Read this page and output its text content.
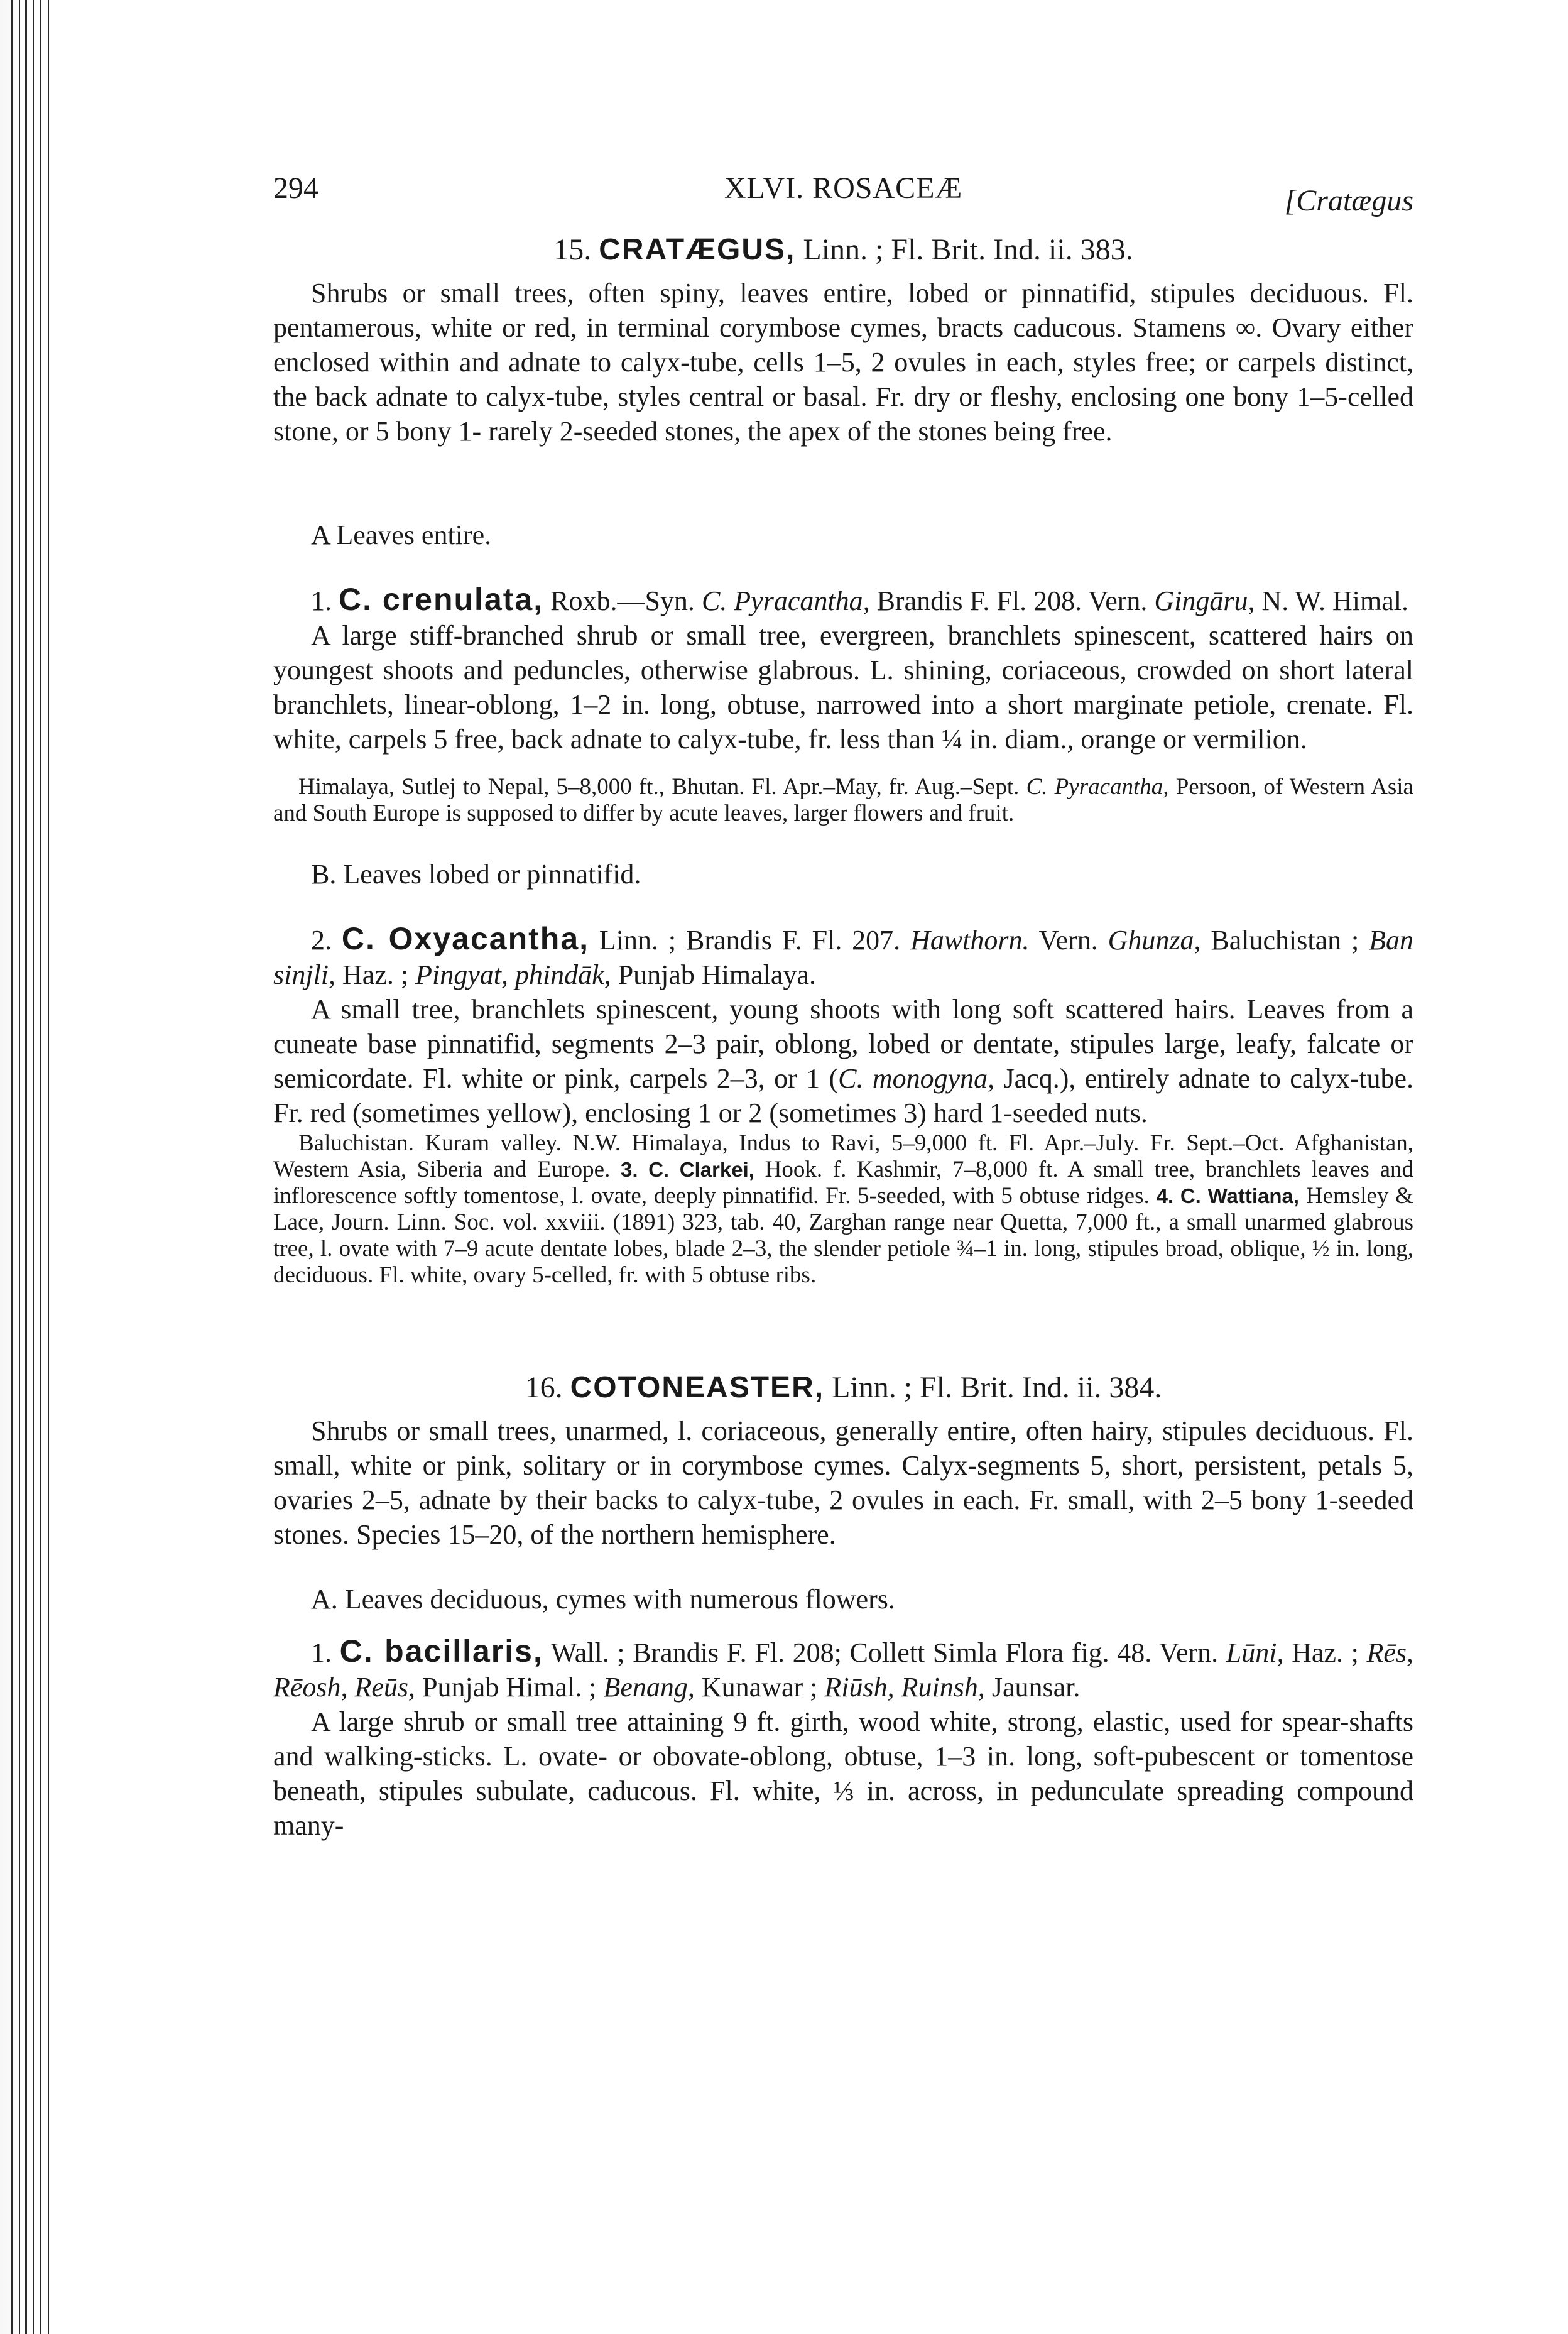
294	XLVI. ROSACEÆ	[Cratægus

15. CRATÆGUS, Linn. ; Fl. Brit. Ind. ii. 383.

Shrubs or small trees, often spiny, leaves entire, lobed or pinnatifid, stipules deciduous. Fl. pentamerous, white or red, in terminal corymbose cymes, bracts caducous. Stamens ∞. Ovary either enclosed within and adnate to calyx-tube, cells 1–5, 2 ovules in each, styles free; or carpels distinct, the back adnate to calyx-tube, styles central or basal. Fr. dry or fleshy, enclosing one bony 1–5-celled stone, or 5 bony 1- rarely 2-seeded stones, the apex of the stones being free.

A Leaves entire.

1. C. crenulata, Roxb.—Syn. C. Pyracantha, Brandis F. Fl. 208. Vern. Gingāru, N. W. Himal.

A large stiff-branched shrub or small tree, evergreen, branchlets spinescent, scattered hairs on youngest shoots and peduncles, otherwise glabrous. L. shining, coriaceous, crowded on short lateral branchlets, linear-oblong, 1–2 in. long, obtuse, narrowed into a short marginate petiole, crenate. Fl. white, carpels 5 free, back adnate to calyx-tube, fr. less than ¼ in. diam., orange or vermilion.

Himalaya, Sutlej to Nepal, 5–8,000 ft., Bhutan. Fl. Apr.–May, fr. Aug.–Sept. C. Pyracantha, Persoon, of Western Asia and South Europe is supposed to differ by acute leaves, larger flowers and fruit.

B. Leaves lobed or pinnatifid.

2. C. Oxyacantha, Linn. ; Brandis F. Fl. 207. Hawthorn. Vern. Ghunza, Baluchistan ; Ban sinjli, Haz. ; Pingyat, phindāk, Punjab Himalaya.

A small tree, branchlets spinescent, young shoots with long soft scattered hairs. Leaves from a cuneate base pinnatifid, segments 2–3 pair, oblong, lobed or dentate, stipules large, leafy, falcate or semicordate. Fl. white or pink, carpels 2–3, or 1 (C. monogyna, Jacq.), entirely adnate to calyx-tube. Fr. red (sometimes yellow), enclosing 1 or 2 (sometimes 3) hard 1-seeded nuts.

Baluchistan. Kuram valley. N.W. Himalaya, Indus to Ravi, 5–9,000 ft. Fl. Apr.–July. Fr. Sept.–Oct. Afghanistan, Western Asia, Siberia and Europe. 3. C. Clarkei, Hook. f. Kashmir, 7–8,000 ft. A small tree, branchlets leaves and inflorescence softly tomentose, l. ovate, deeply pinnatifid. Fr. 5-seeded, with 5 obtuse ridges. 4. C. Wattiana, Hemsley & Lace, Journ. Linn. Soc. vol. xxviii. (1891) 323, tab. 40, Zarghan range near Quetta, 7,000 ft., a small unarmed glabrous tree, l. ovate with 7–9 acute dentate lobes, blade 2–3, the slender petiole ¾–1 in. long, stipules broad, oblique, ½ in. long, deciduous. Fl. white, ovary 5-celled, fr. with 5 obtuse ribs.

16. COTONEASTER, Linn. ; Fl. Brit. Ind. ii. 384.

Shrubs or small trees, unarmed, l. coriaceous, generally entire, often hairy, stipules deciduous. Fl. small, white or pink, solitary or in corymbose cymes. Calyx-segments 5, short, persistent, petals 5, ovaries 2–5, adnate by their backs to calyx-tube, 2 ovules in each. Fr. small, with 2–5 bony 1-seeded stones. Species 15–20, of the northern hemisphere.

A. Leaves deciduous, cymes with numerous flowers.

1. C. bacillaris, Wall. ; Brandis F. Fl. 208; Collett Simla Flora fig. 48. Vern. Lūni, Haz. ; Rēs, Rēosh, Reūs, Punjab Himal. ; Benang, Kunawar ; Riūsh, Ruinsh, Jaunsar.

A large shrub or small tree attaining 9 ft. girth, wood white, strong, elastic, used for spear-shafts and walking-sticks. L. ovate- or obovate-oblong, obtuse, 1–3 in. long, soft-pubescent or tomentose beneath, stipules subulate, caducous. Fl. white, ⅓ in. across, in pedunculate spreading compound many-
